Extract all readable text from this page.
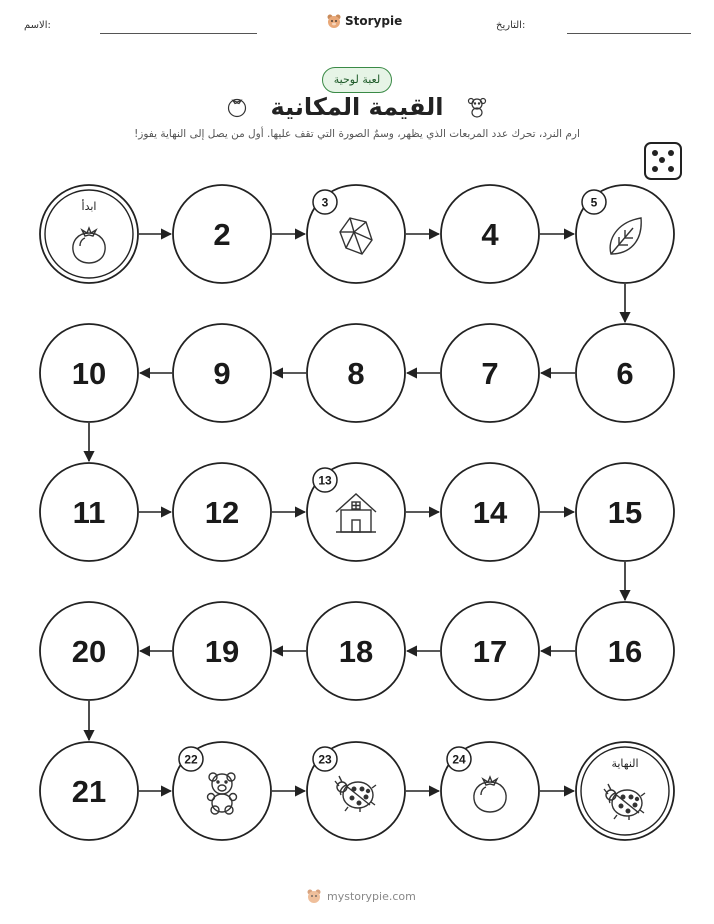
الاسم:	Storypie	التاريخ:
لعبة لوحية
القيمة المكانية
ارم النرد، تحرك عدد المربعات الذي يظهر، وسمٌ الصورة التي تقف عليها. أول من يصل إلى النهاية يفوز!
ابدأ
2
3
4
5
6
7
8
9
10
11	12
13
14	15
16
17
18
19
20
21
22	23	24	النهاية
mystorypie.com
